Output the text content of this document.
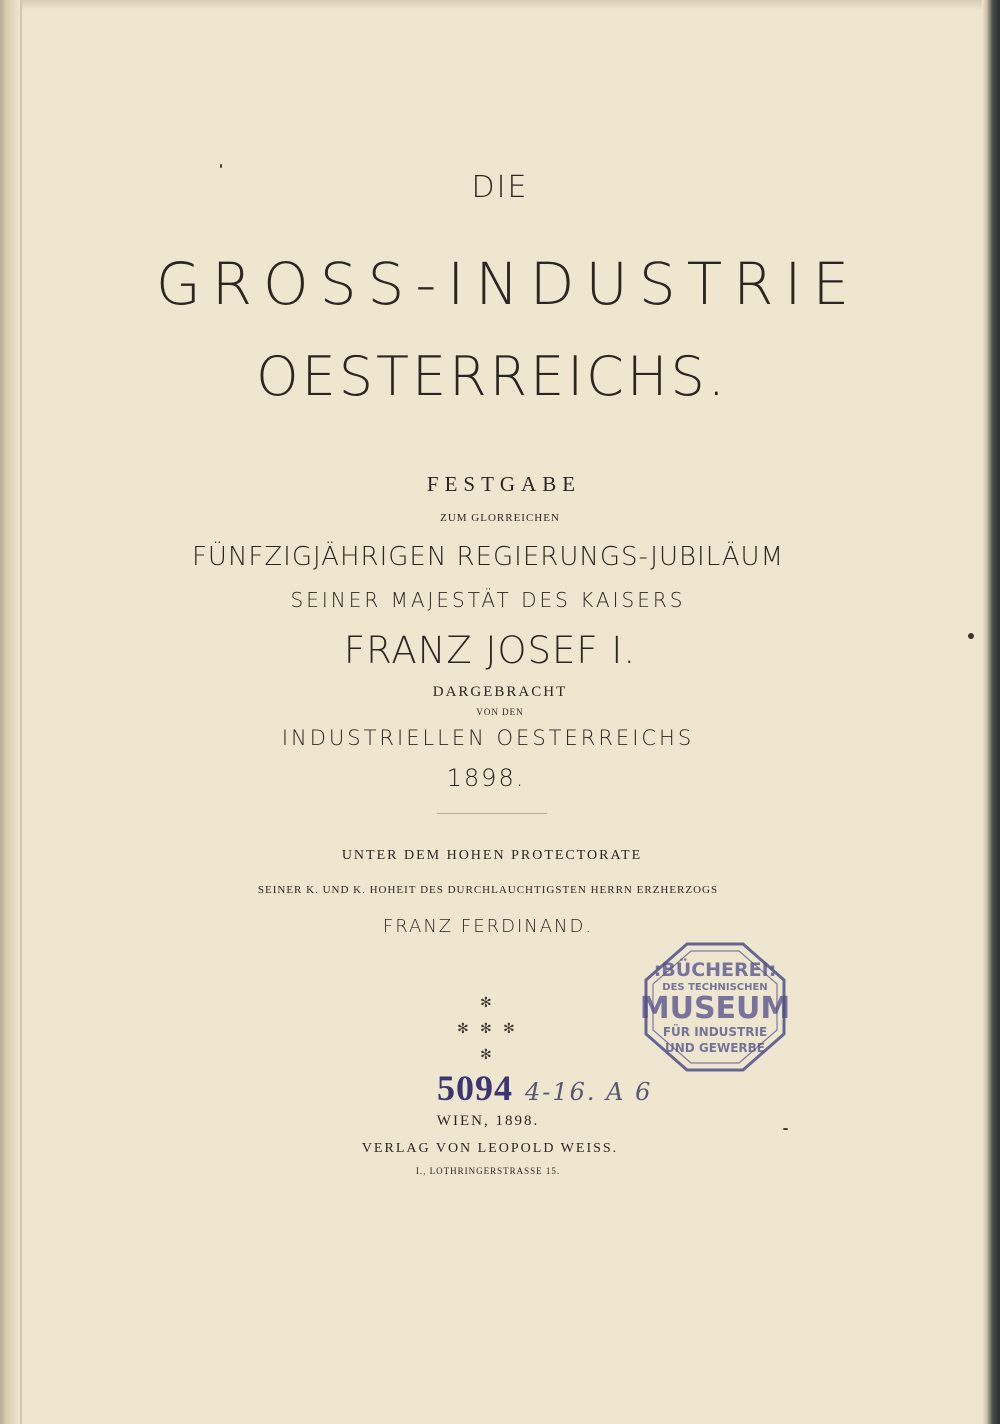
DIE
GROSS-INDUSTRIE
OESTERREICHS.
FESTGABE
ZUM GLORREICHEN
FÜNFZIGJÄHRIGEN REGIERUNGS-JUBILÄUM
SEINER MAJESTÄT DES KAISERS
FRANZ JOSEF I.
DARGEBRACHT
VON DEN
INDUSTRIELLEN OESTERREICHS
1898.
UNTER DEM HOHEN PROTECTORATE
SEINER K. UND K. HOHEIT DES DURCHLAUCHTIGSTEN HERRN ERZHERZOGS
FRANZ FERDINAND.
:BÜCHEREI:
DES TECHNISCHEN
MUSEUM
FÜR INDUSTRIE
UND GEWERBE
✻
✻ ✻ ✻
✻
5094 4-16. A 6
WIEN, 1898.
VERLAG VON LEOPOLD WEISS.
I., LOTHRINGERSTRASSE 15.
